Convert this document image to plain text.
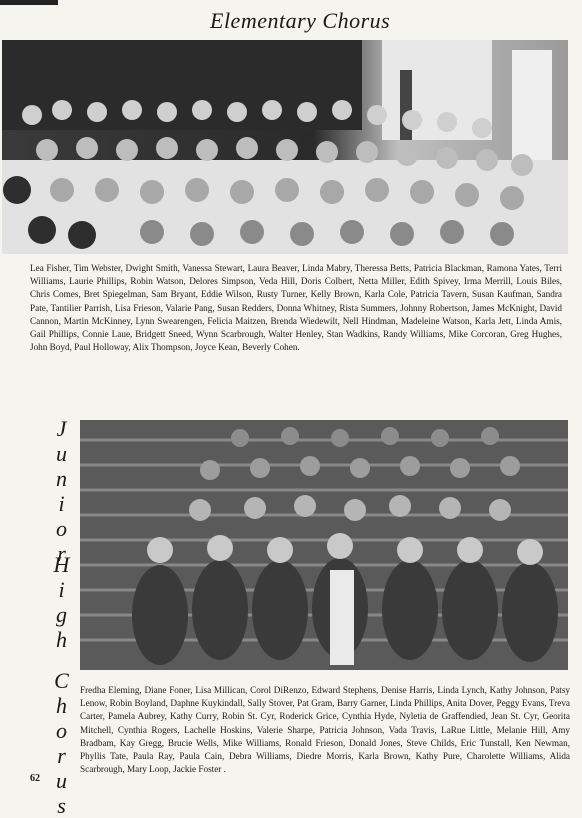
Elementary Chorus
Lea Fisher, Tim Webster, Dwight Smith, Vanessa Stewart, Laura Beaver, Linda Mabry, Theressa Betts, Patricia Blackman, Ramona Yates, Terri Williams, Laurie Phillips, Robin Watson, Delores Simpson, Veda Hill, Doris Colbert, Netta Miller, Edith Spivey, Irma Merrill, Louis Biles, Chris Comes, Bret Spiegelman, Sam Bryant, Eddie Wilson, Rusty Turner, Kelly Brown, Karla Cole, Patricia Tavern, Susan Kaufman, Sandra Pate, Tantilier Parrish, Lisa Frieson, Valarie Pang, Susan Redders, Donna Whitney, Rista Summers, Johnny Robertson, James McKnight, David Cannon, Martin McKinney, Lynn Swearengen, Felicia Maitzen, Brenda Wiedewilt, Nell Hindman, Madeleine Watson, Karla Jett, Linda Amis, Gail Phillips, Connie Laue, Bridgett Sneed, Wynn Scarbrough, Walter Henley, Stan Wadkins, Randy Williams, Mike Corcoran, Greg Hughes, John Boyd, Paul Holloway, Alix Thompson, Joyce Kean, Beverly Cohen.
Junior
High
Chorus Fredha Eleming, Diane Foner, Lisa Millican, Corol DiRenzo, Edward Stephens, Denise Harris, Linda Lynch, Kathy Johnson, Patsy Lenow, Robin Boyland, Daphne Kuykindall, Sally Stover, Pat Gram, Barry Garner, Linda Phillips, Anita Dover, Peggy Evans, Treva Carter, Pamela Aubrey, Kathy Curry, Robin St. Cyr, Roderick Grice, Cynthia Hyde, Nyletia de Graffendied, Jean St. Cyr, Georita Mitchell, Cynthia Rogers, Lachelle Hoskins, Valerie Sharpe, Patricia Johnson, Vada Travis, LaRue Little, Melanie Hill, Amy Bradbam, Kay Gregg, Brucie Wells, Mike Williams, Ronald Frieson, Donald Jones, Steve Childs, Eric Tunstall, Ken Newman, Phyllis Tate, Paula Ray, Paula Cain, Debra Williams, Diedre Morris, Karla Brown, Kathy Pure, Charolette Williams, Alida Scarbrough, Mary Loop, Jackie Foster .
62
